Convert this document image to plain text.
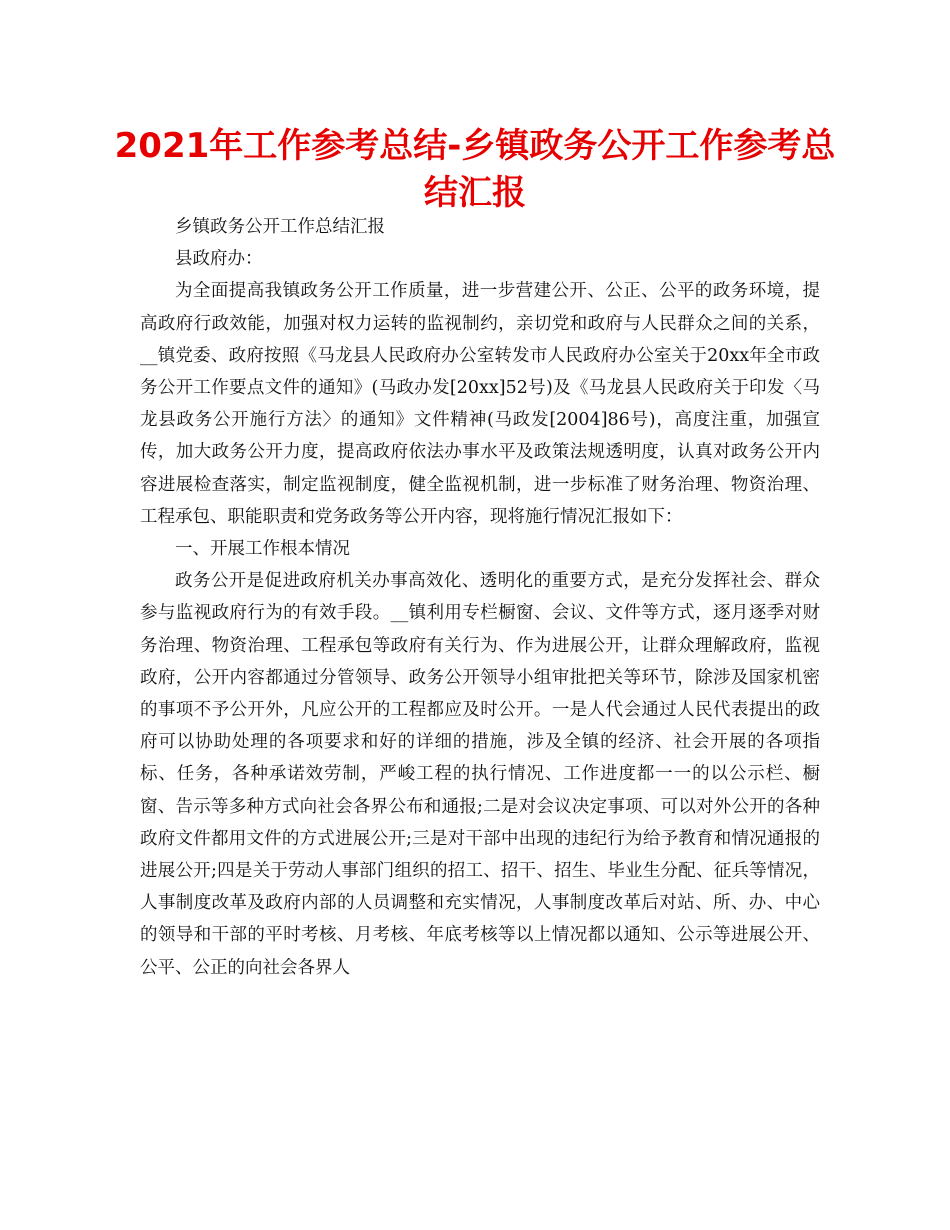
2021年工作参考总结-乡镇政务公开工作参考总结汇报

乡镇政务公开工作总结汇报

县政府办：

为全面提高我镇政务公开工作质量，进一步营建公开、公正、公平的政务环境，提高政府行政效能，加强对权力运转的监视制约，亲切党和政府与人民群众之间的关系，__镇党委、政府按照《马龙县人民政府办公室转发市人民政府办公室关于20xx年全市政务公开工作要点文件的通知》(马政办发[20xx]52号)及《马龙县人民政府关于印发〈马龙县政务公开施行方法〉的通知》文件精神(马政发[2004]86号)，高度注重，加强宣传，加大政务公开力度，提高政府依法办事水平及政策法规透明度，认真对政务公开内容进展检查落实，制定监视制度，健全监视机制，进一步标准了财务治理、物资治理、工程承包、职能职责和党务政务等公开内容，现将施行情况汇报如下：

一、开展工作根本情况

政务公开是促进政府机关办事高效化、透明化的重要方式，是充分发挥社会、群众参与监视政府行为的有效手段。__镇利用专栏橱窗、会议、文件等方式，逐月逐季对财务治理、物资治理、工程承包等政府有关行为、作为进展公开，让群众理解政府，监视政府，公开内容都通过分管领导、政务公开领导小组审批把关等环节，除涉及国家机密的事项不予公开外，凡应公开的工程都应及时公开。一是人代会通过人民代表提出的政府可以协助处理的各项要求和好的详细的措施，涉及全镇的经济、社会开展的各项指标、任务，各种承诺效劳制，严峻工程的执行情况、工作进度都一一的以公示栏、橱窗、告示等多种方式向社会各界公布和通报;二是对会议决定事项、可以对外公开的各种政府文件都用文件的方式进展公开;三是对干部中出现的违纪行为给予教育和情况通报的进展公开;四是关于劳动人事部门组织的招工、招干、招生、毕业生分配、征兵等情况，人事制度改革及政府内部的人员调整和充实情况，人事制度改革后对站、所、办、中心的领导和干部的平时考核、月考核、年底考核等以上情况都以通知、公示等进展公开、公平、公正的向社会各界人
